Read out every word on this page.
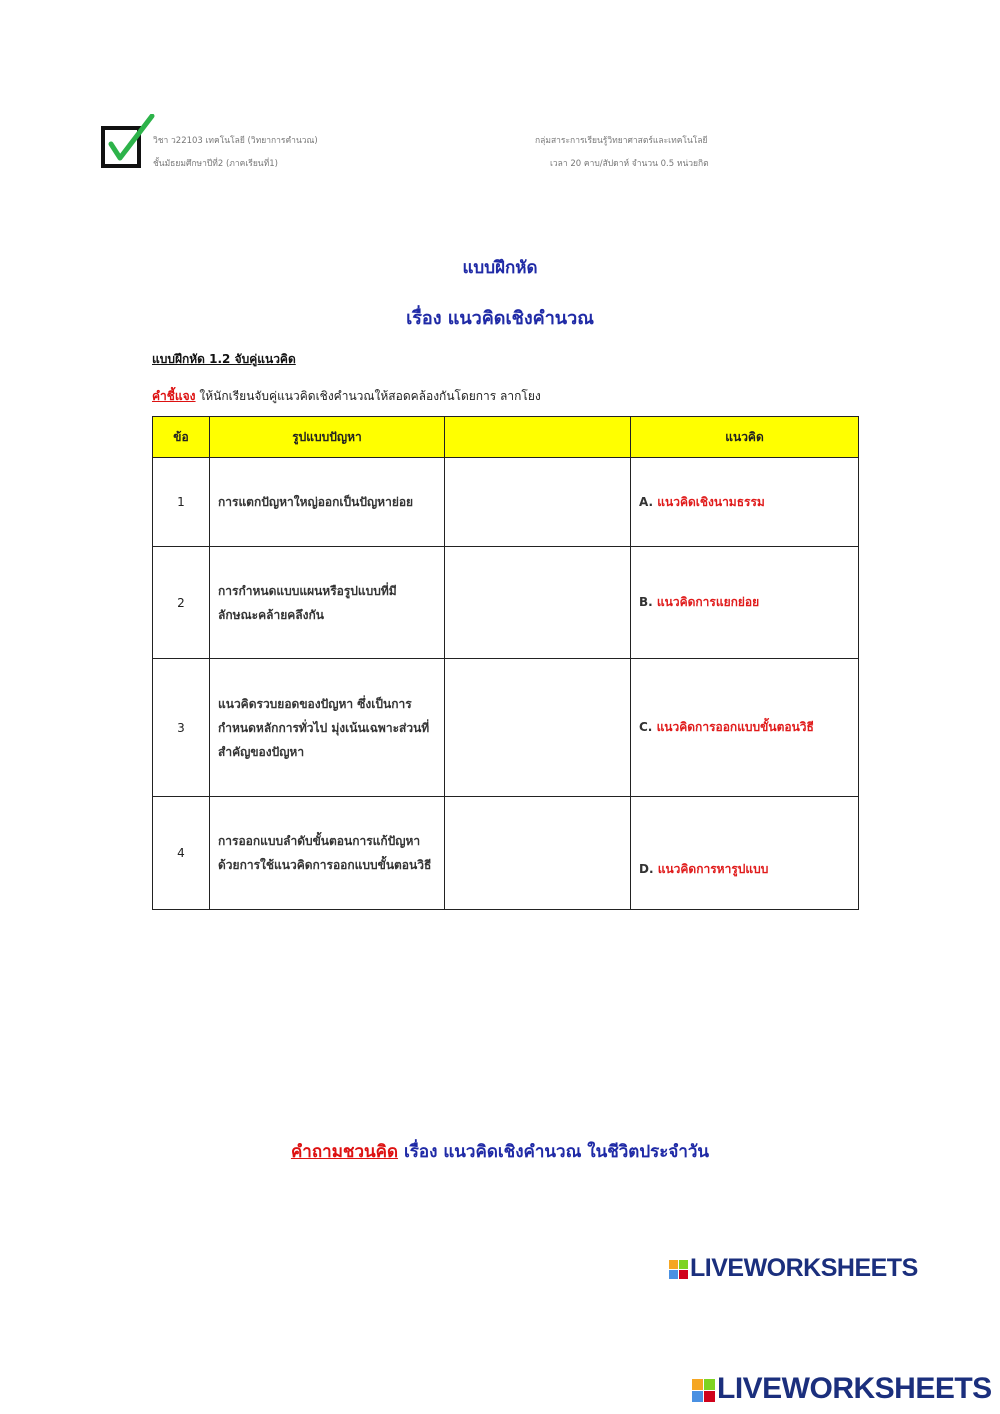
วิชา ว22103 เทคโนโลยี (วิทยาการคำนวณ)
ชั้นมัธยมศึกษาปีที่2 (ภาคเรียนที่1)
กลุ่มสาระการเรียนรู้วิทยาศาสตร์และเทคโนโลยี
เวลา 20 คาบ/สัปดาห์ จำนวน 0.5 หน่วยกิต
แบบฝึกหัด
เรื่อง แนวคิดเชิงคำนวณ
แบบฝึกหัด 1.2 จับคู่แนวคิด
คำชี้แจง ให้นักเรียนจับคู่แนวคิดเชิงคำนวณให้สอดคล้องกันโดยการ ลากโยง
ข้อ	รูปแบบปัญหา		แนวคิด
1	การแตกปัญหาใหญ่ออกเป็นปัญหาย่อย		A. แนวคิดเชิงนามธรรม
2	การกำหนดแบบแผนหรือรูปแบบที่มีลักษณะคล้ายคลึงกัน		B. แนวคิดการแยกย่อย
3	แนวคิดรวบยอดของปัญหา ซึ่งเป็นการกำหนดหลักการทั่วไป มุ่งเน้นเฉพาะส่วนที่สำคัญของปัญหา		C. แนวคิดการออกแบบขั้นตอนวิธี
4	การออกแบบลำดับขั้นตอนการแก้ปัญหาด้วยการใช้แนวคิดการออกแบบขั้นตอนวิธี		D. แนวคิดการหารูปแบบ
คำถามชวนคิด เรื่อง แนวคิดเชิงคำนวณ ในชีวิตประจำวัน
LIVEWORKSHEETS
LIVEWORKSHEETS
